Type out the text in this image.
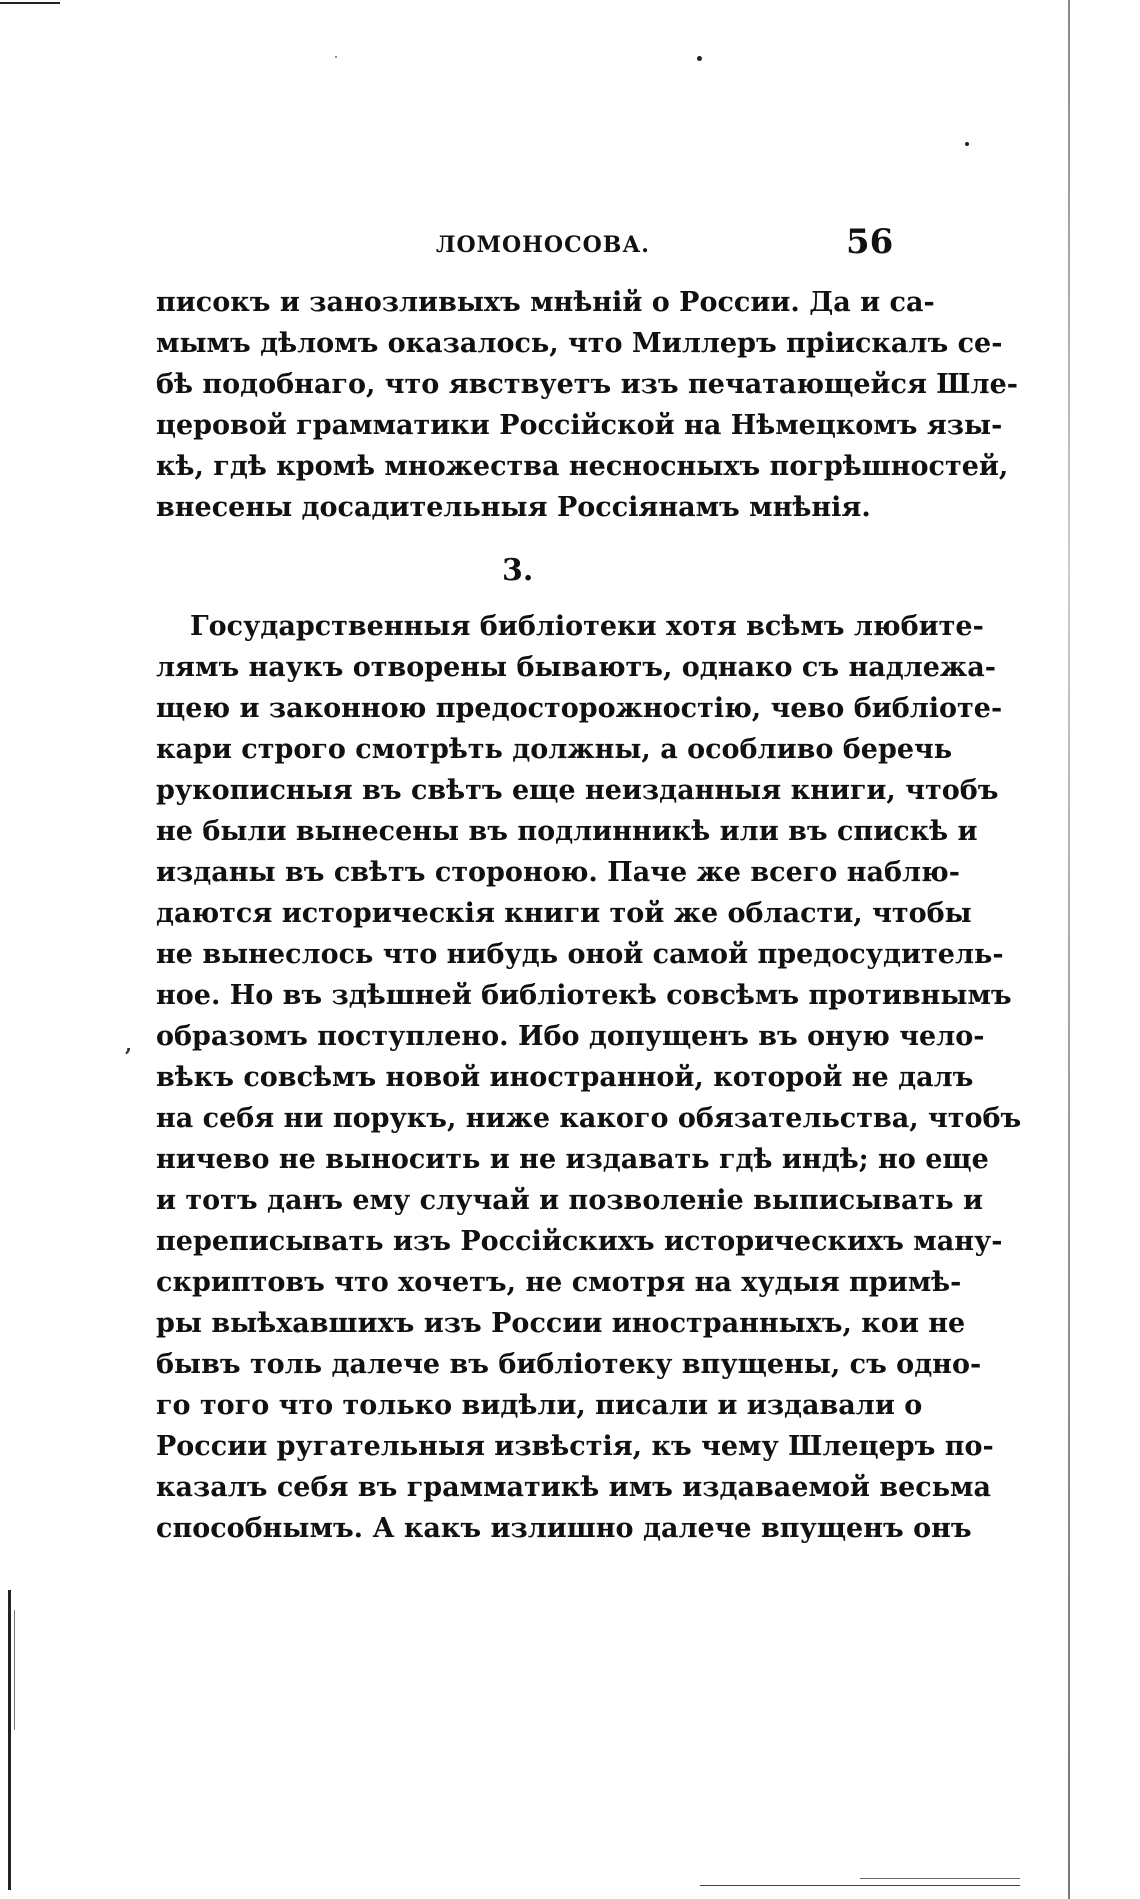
ЛОМОНОСОВА.	56
писокъ и занозливыхъ мнѣній о России. Да и са-
мымъ дѣломъ оказалось, что Миллеръ пріискалъ се-
бѣ подобнаго, что явствуетъ изъ печатающейся Шле-
церовой грамматики Россійской на Нѣмецкомъ язы-
кѣ, гдѣ кромѣ множества несносныхъ погрѣшностей,
внесены досадительныя Россіянамъ мнѣнія.
3.
Государственныя библіотеки хотя всѣмъ любите-
лямъ наукъ отворены бываютъ, однако съ надлежа-
щею и законною предосторожностію, чево библіоте-
кари строго смотрѣть должны, а особливо беречь
рукописныя въ свѣтъ еще неизданныя книги, чтобъ
не были вынесены въ подлинникѣ или въ спискѣ и
изданы въ свѣтъ стороною. Паче же всего наблю-
даются историческія книги той же области, чтобы
не вынеслось что нибудь оной самой предосудитель-
ное. Но въ здѣшней библіотекѣ совсѣмъ противнымъ
образомъ поступлено. Ибо допущенъ въ оную чело-
вѣкъ совсѣмъ новой иностранной, которой не далъ
на себя ни порукъ, ниже какого обязательства, чтобъ
ничево не выносить и не издавать гдѣ индѣ; но еще
и тотъ данъ ему случай и позволеніе выписывать и
переписывать изъ Россійскихъ историческихъ ману-
скриптовъ что хочетъ, не смотря на худыя примѣ-
ры выѣхавшихъ изъ России иностранныхъ, кои не
бывъ толь далече въ библіотеку впущены, съ одно-
го того что только видѣли, писали и издавали о
России ругательныя извѣстія, къ чему Шлецеръ по-
казалъ себя въ грамматикѣ имъ издаваемой весьма
способнымъ. А какъ излишно далече впущенъ онъ
,
